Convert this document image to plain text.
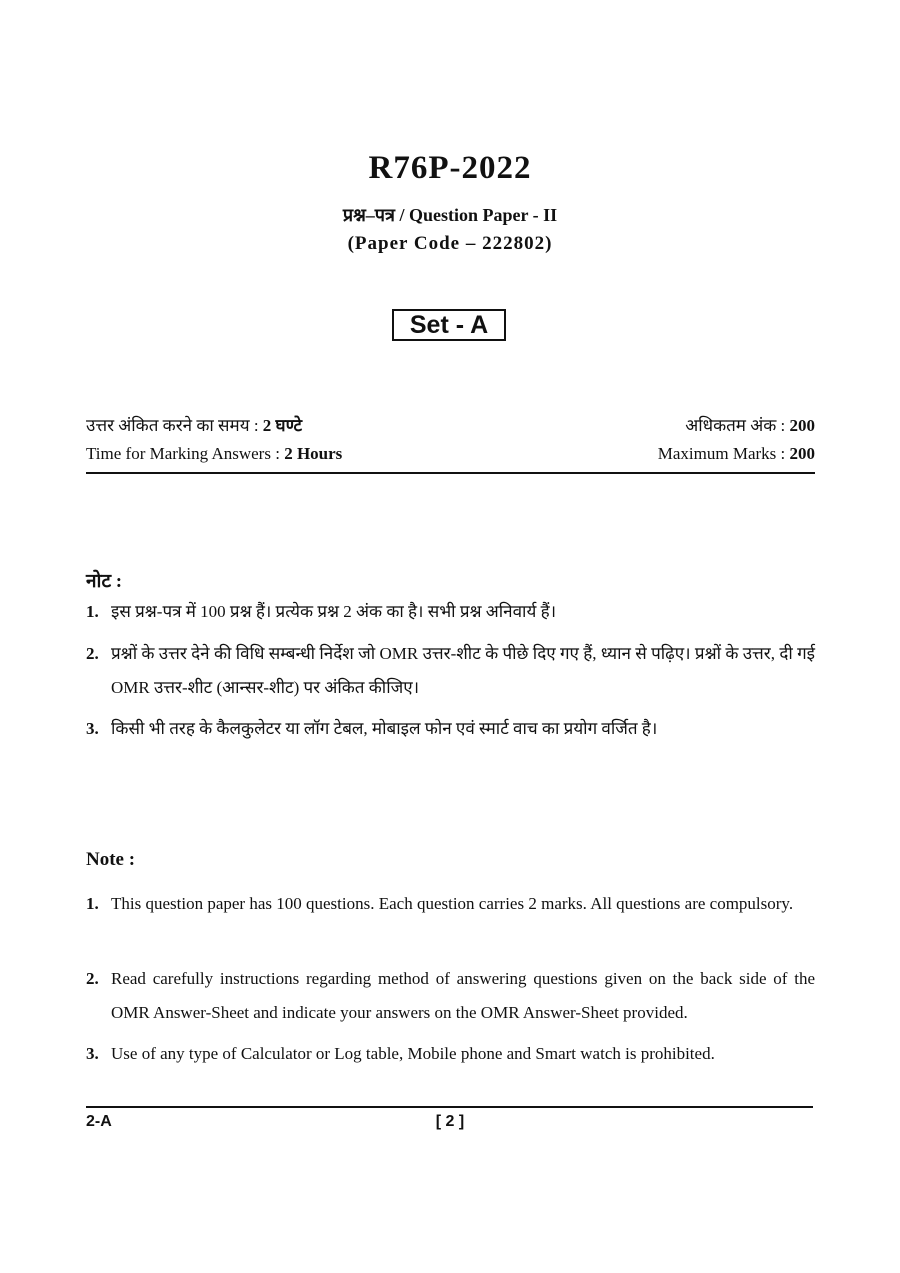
R76P-2022
प्रश्न–पत्र / Question Paper - II
(Paper Code – 222802)
Set - A
उत्तर अंकित करने का समय : 2 घण्टे	अधिकतम अंक : 200
Time for Marking Answers : 2 Hours	Maximum Marks : 200
नोट :
1. इस प्रश्न-पत्र में 100 प्रश्न हैं। प्रत्येक प्रश्न 2 अंक का है। सभी प्रश्न अनिवार्य हैं।
2. प्रश्नों के उत्तर देने की विधि सम्बन्धी निर्देश जो OMR उत्तर-शीट के पीछे दिए गए हैं, ध्यान से पढ़िए। प्रश्नों के उत्तर, दी गई OMR उत्तर-शीट (आन्सर-शीट) पर अंकित कीजिए।
3. किसी भी तरह के कैलकुलेटर या लॉग टेबल, मोबाइल फोन एवं स्मार्ट वाच का प्रयोग वर्जित है।
Note :
1. This question paper has 100 questions. Each question carries 2 marks. All questions are compulsory.
2. Read carefully instructions regarding method of answering questions given on the back side of the OMR Answer-Sheet and indicate your answers on the OMR Answer-Sheet provided.
3. Use of any type of Calculator or Log table, Mobile phone and Smart watch is prohibited.
2-A	[ 2 ]
